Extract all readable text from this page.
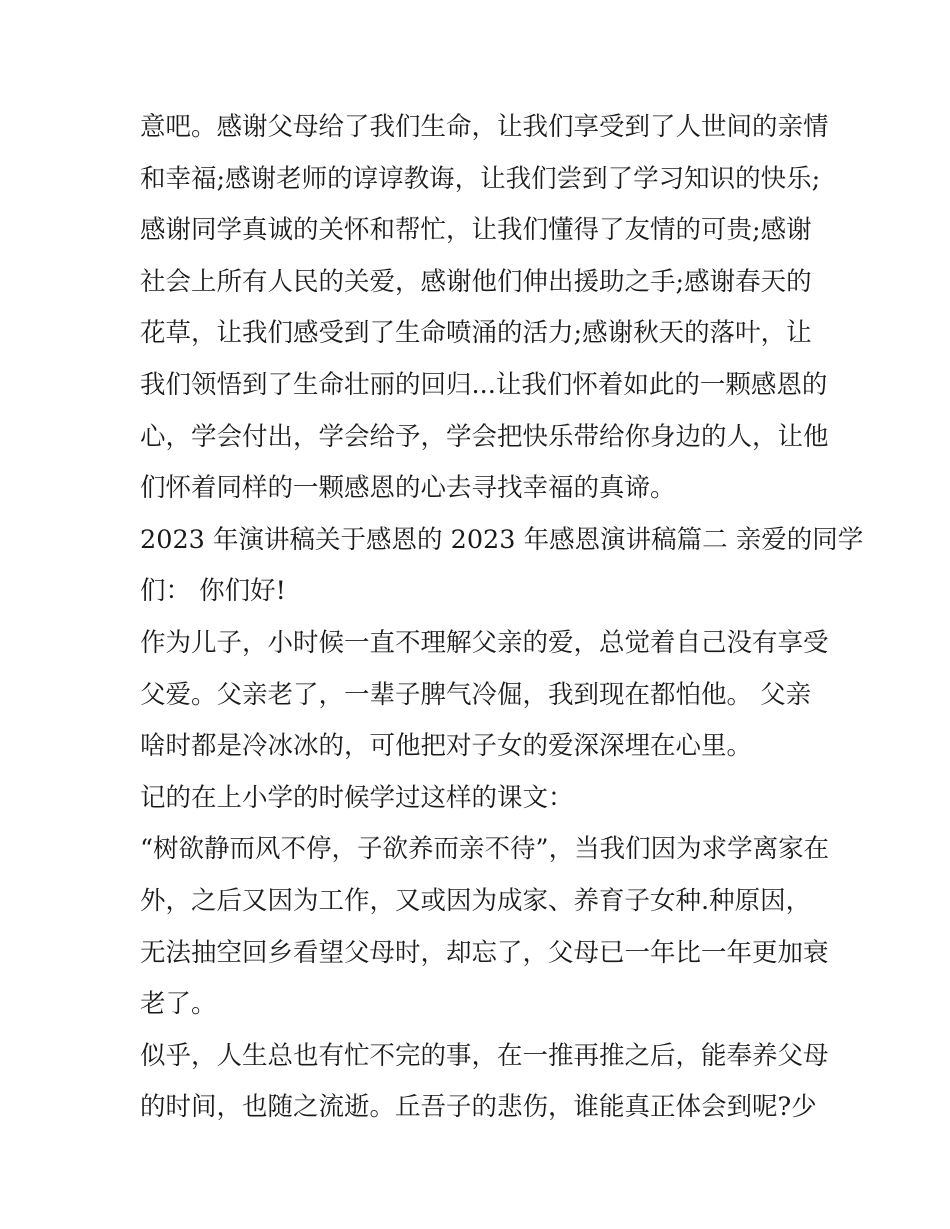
意吧。感谢父母给了我们生命，让我们享受到了人世间的亲情
和幸福;感谢老师的谆谆教诲，让我们尝到了学习知识的快乐;
感谢同学真诚的关怀和帮忙，让我们懂得了友情的可贵;感谢
社会上所有人民的关爱，感谢他们伸出援助之手;感谢春天的
花草，让我们感受到了生命喷涌的活力;感谢秋天的落叶，让
我们领悟到了生命壮丽的回归...让我们怀着如此的一颗感恩的
心，学会付出，学会给予，学会把快乐带给你身边的人，让他
们怀着同样的一颗感恩的心去寻找幸福的真谛。
2023 年演讲稿关于感恩的 2023 年感恩演讲稿篇二 亲爱的同学
们： 你们好!
作为儿子，小时候一直不理解父亲的爱，总觉着自己没有享受
父爱。父亲老了，一辈子脾气冷倔，我到现在都怕他。 父亲
啥时都是冷冰冰的，可他把对子女的爱深深埋在心里。
记的在上小学的时候学过这样的课文：
“树欲静而风不停，子欲养而亲不待”，当我们因为求学离家在
外，之后又因为工作，又或因为成家、养育子女种.种原因，
无法抽空回乡看望父母时，却忘了，父母已一年比一年更加衰
老了。
似乎，人生总也有忙不完的事，在一推再推之后，能奉养父母
的时间，也随之流逝。丘吾子的悲伤，谁能真正体会到呢?少
